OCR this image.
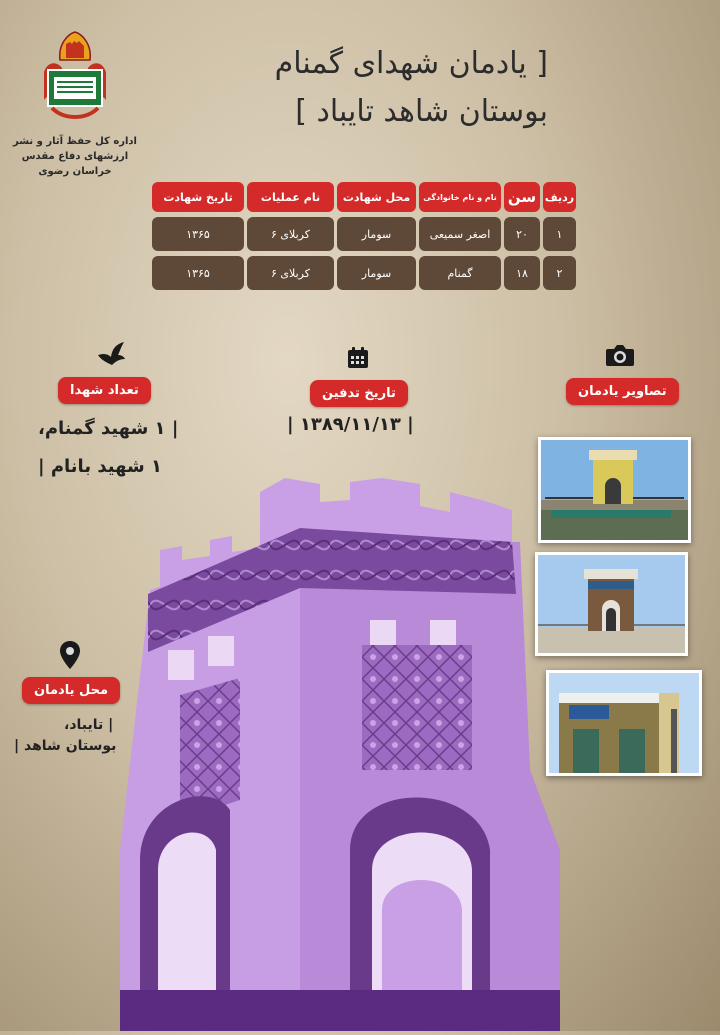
اداره کل حفظ آثار و نشر
ارزشهای دفاع مقدس
خراسان رضوی
[ یادمان شهدای گمنام
بوستان شاهد تایباد ]
ردیف
سن
نام و نام خانوادگی
محل شهادت
نام عملیات
تاریخ شهادت
۱
۲۰
اصغر سمیعی
سومار
کربلای ۶
۱۳۶۵
۲
۱۸
گمنام
سومار
کربلای ۶
۱۳۶۵
تعداد شهدا
| ۱ شهید گمنام،
۱ شهید بانام |
تاریخ تدفین
| ۱۳۸۹/۱۱/۱۳ |
تصاویر یادمان
محل یادمان
| تایباد،
بوستان شاهد |
